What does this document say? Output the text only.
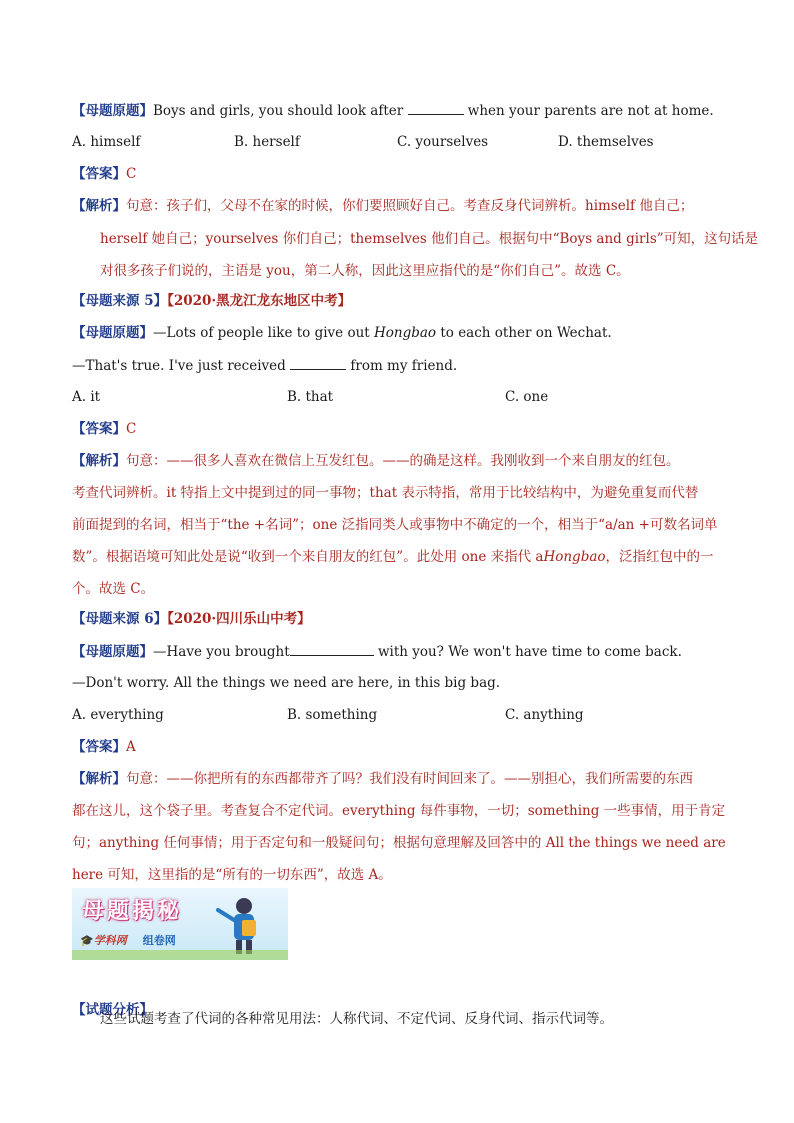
【母题原题】Boys and girls, you should look after	when your parents are not at home.
A. himself	B. herself	C. yourselves	D. themselves
【答案】C
【解析】句意：孩子们，父母不在家的时候，你们要照顾好自己。考查反身代词辨析。himself 他自己；
herself 她自己；yourselves 你们自己；themselves 他们自己。根据句中“Boys and girls”可知，这句话是
对很多孩子们说的，主语是 you，第二人称，因此这里应指代的是“你们自己”。故选 C。
【母题来源 5】【2020·黑龙江龙东地区中考】
【母题原题】—Lots of people like to give out Hongbao to each other on Wechat.
—That's true. I've just received	from my friend.
A. it	B. that	C. one
【答案】C
【解析】句意：——很多人喜欢在微信上互发红包。——的确是这样。我刚收到一个来自朋友的红包。
考查代词辨析。it 特指上文中提到过的同一事物；that 表示特指，常用于比较结构中，为避免重复而代替
前面提到的名词，相当于“the +名词”；one 泛指同类人或事物中不确定的一个，相当于“a/an +可数名词单
数”。根据语境可知此处是说“收到一个来自朋友的红包”。此处用 one 来指代 aHongbao，泛指红包中的一
个。故选 C。
【母题来源 6】【2020·四川乐山中考】
【母题原题】—Have you brought	with you? We won't have time to come back.
—Don't worry. All the things we need are here, in this big bag.
A. everything	B. something	C. anything
【答案】A
【解析】句意：——你把所有的东西都带齐了吗？我们没有时间回来了。——别担心，我们所需要的东西
都在这儿，这个袋子里。考查复合不定代词。everything 每件事物，一切；something 一些事情，用于肯定
句；anything 任何事情；用于否定句和一般疑问句；根据句意理解及回答中的 All the things we need are
here 可知，这里指的是“所有的一切东西”，故选 A。
母题揭秘
🎓学科网 组卷网
【试题分析】
这些试题考查了代词的各种常见用法：人称代词、不定代词、反身代词、指示代词等。
